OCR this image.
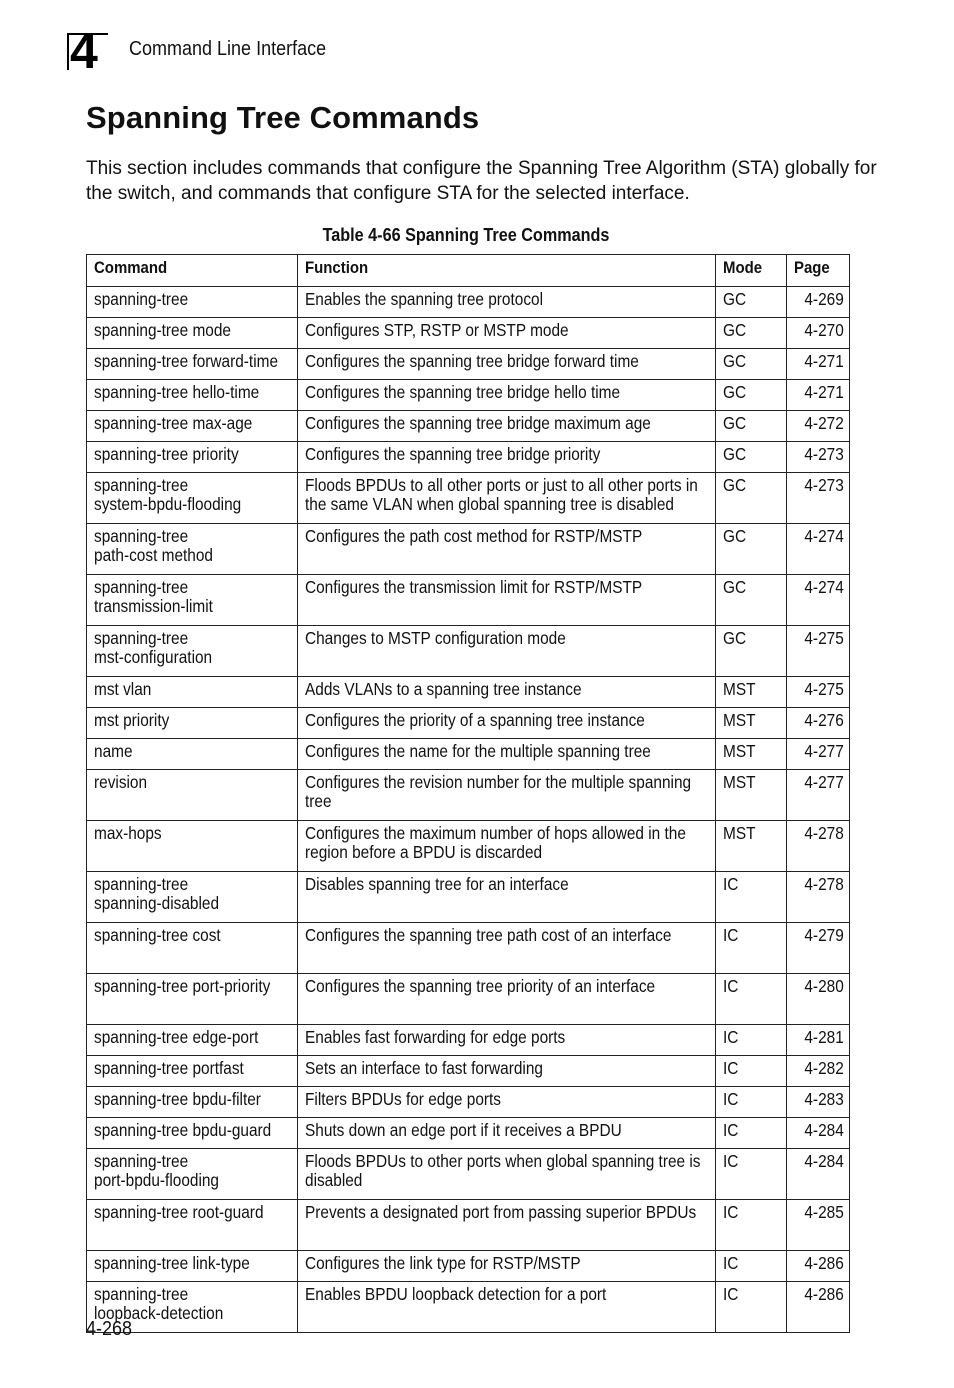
4 Command Line Interface
Spanning Tree Commands

This section includes commands that configure the Spanning Tree Algorithm (STA) globally for the switch, and commands that configure STA for the selected interface.

Table 4-66 Spanning Tree Commands
Command	Function	Mode	Page

spanning-tree	Enables the spanning tree protocol	GC	4-269

spanning-tree mode	Configures STP, RSTP or MSTP mode	GC	4-270

spanning-tree forward-time	Configures the spanning tree bridge forward time	GC	4-271

spanning-tree hello-time	Configures the spanning tree bridge hello time	GC	4-271

spanning-tree max-age	Configures the spanning tree bridge maximum age	GC	4-272

spanning-tree priority	Configures the spanning tree bridge priority	GC	4-273

spanning-tree
system-bpdu-flooding	Floods BPDUs to all other ports or just to all other ports in the same VLAN when global spanning tree is disabled	GC	4-273

spanning-tree
path-cost method	Configures the path cost method for RSTP/MSTP	GC	4-274

spanning-tree
transmission-limit	Configures the transmission limit for RSTP/MSTP	GC	4-274

spanning-tree
mst-configuration	Changes to MSTP configuration mode	GC	4-275

mst vlan	Adds VLANs to a spanning tree instance	MST	4-275

mst priority	Configures the priority of a spanning tree instance	MST	4-276

name	Configures the name for the multiple spanning tree	MST	4-277

revision	Configures the revision number for the multiple spanning tree	MST	4-277

max-hops	Configures the maximum number of hops allowed in the region before a BPDU is discarded	MST	4-278

spanning-tree
spanning-disabled	Disables spanning tree for an interface	IC	4-278

spanning-tree cost	Configures the spanning tree path cost of an interface	IC	4-279

spanning-tree port-priority	Configures the spanning tree priority of an interface	IC	4-280

spanning-tree edge-port	Enables fast forwarding for edge ports	IC	4-281

spanning-tree portfast	Sets an interface to fast forwarding	IC	4-282

spanning-tree bpdu-filter	Filters BPDUs for edge ports	IC	4-283

spanning-tree bpdu-guard	Shuts down an edge port if it receives a BPDU	IC	4-284

spanning-tree
port-bpdu-flooding	Floods BPDUs to other ports when global spanning tree is disabled	IC	4-284

spanning-tree root-guard	Prevents a designated port from passing superior BPDUs	IC	4-285

spanning-tree link-type	Configures the link type for RSTP/MSTP	IC	4-286

spanning-tree
loopback-detection	Enables BPDU loopback detection for a port	IC	4-286
4-268
